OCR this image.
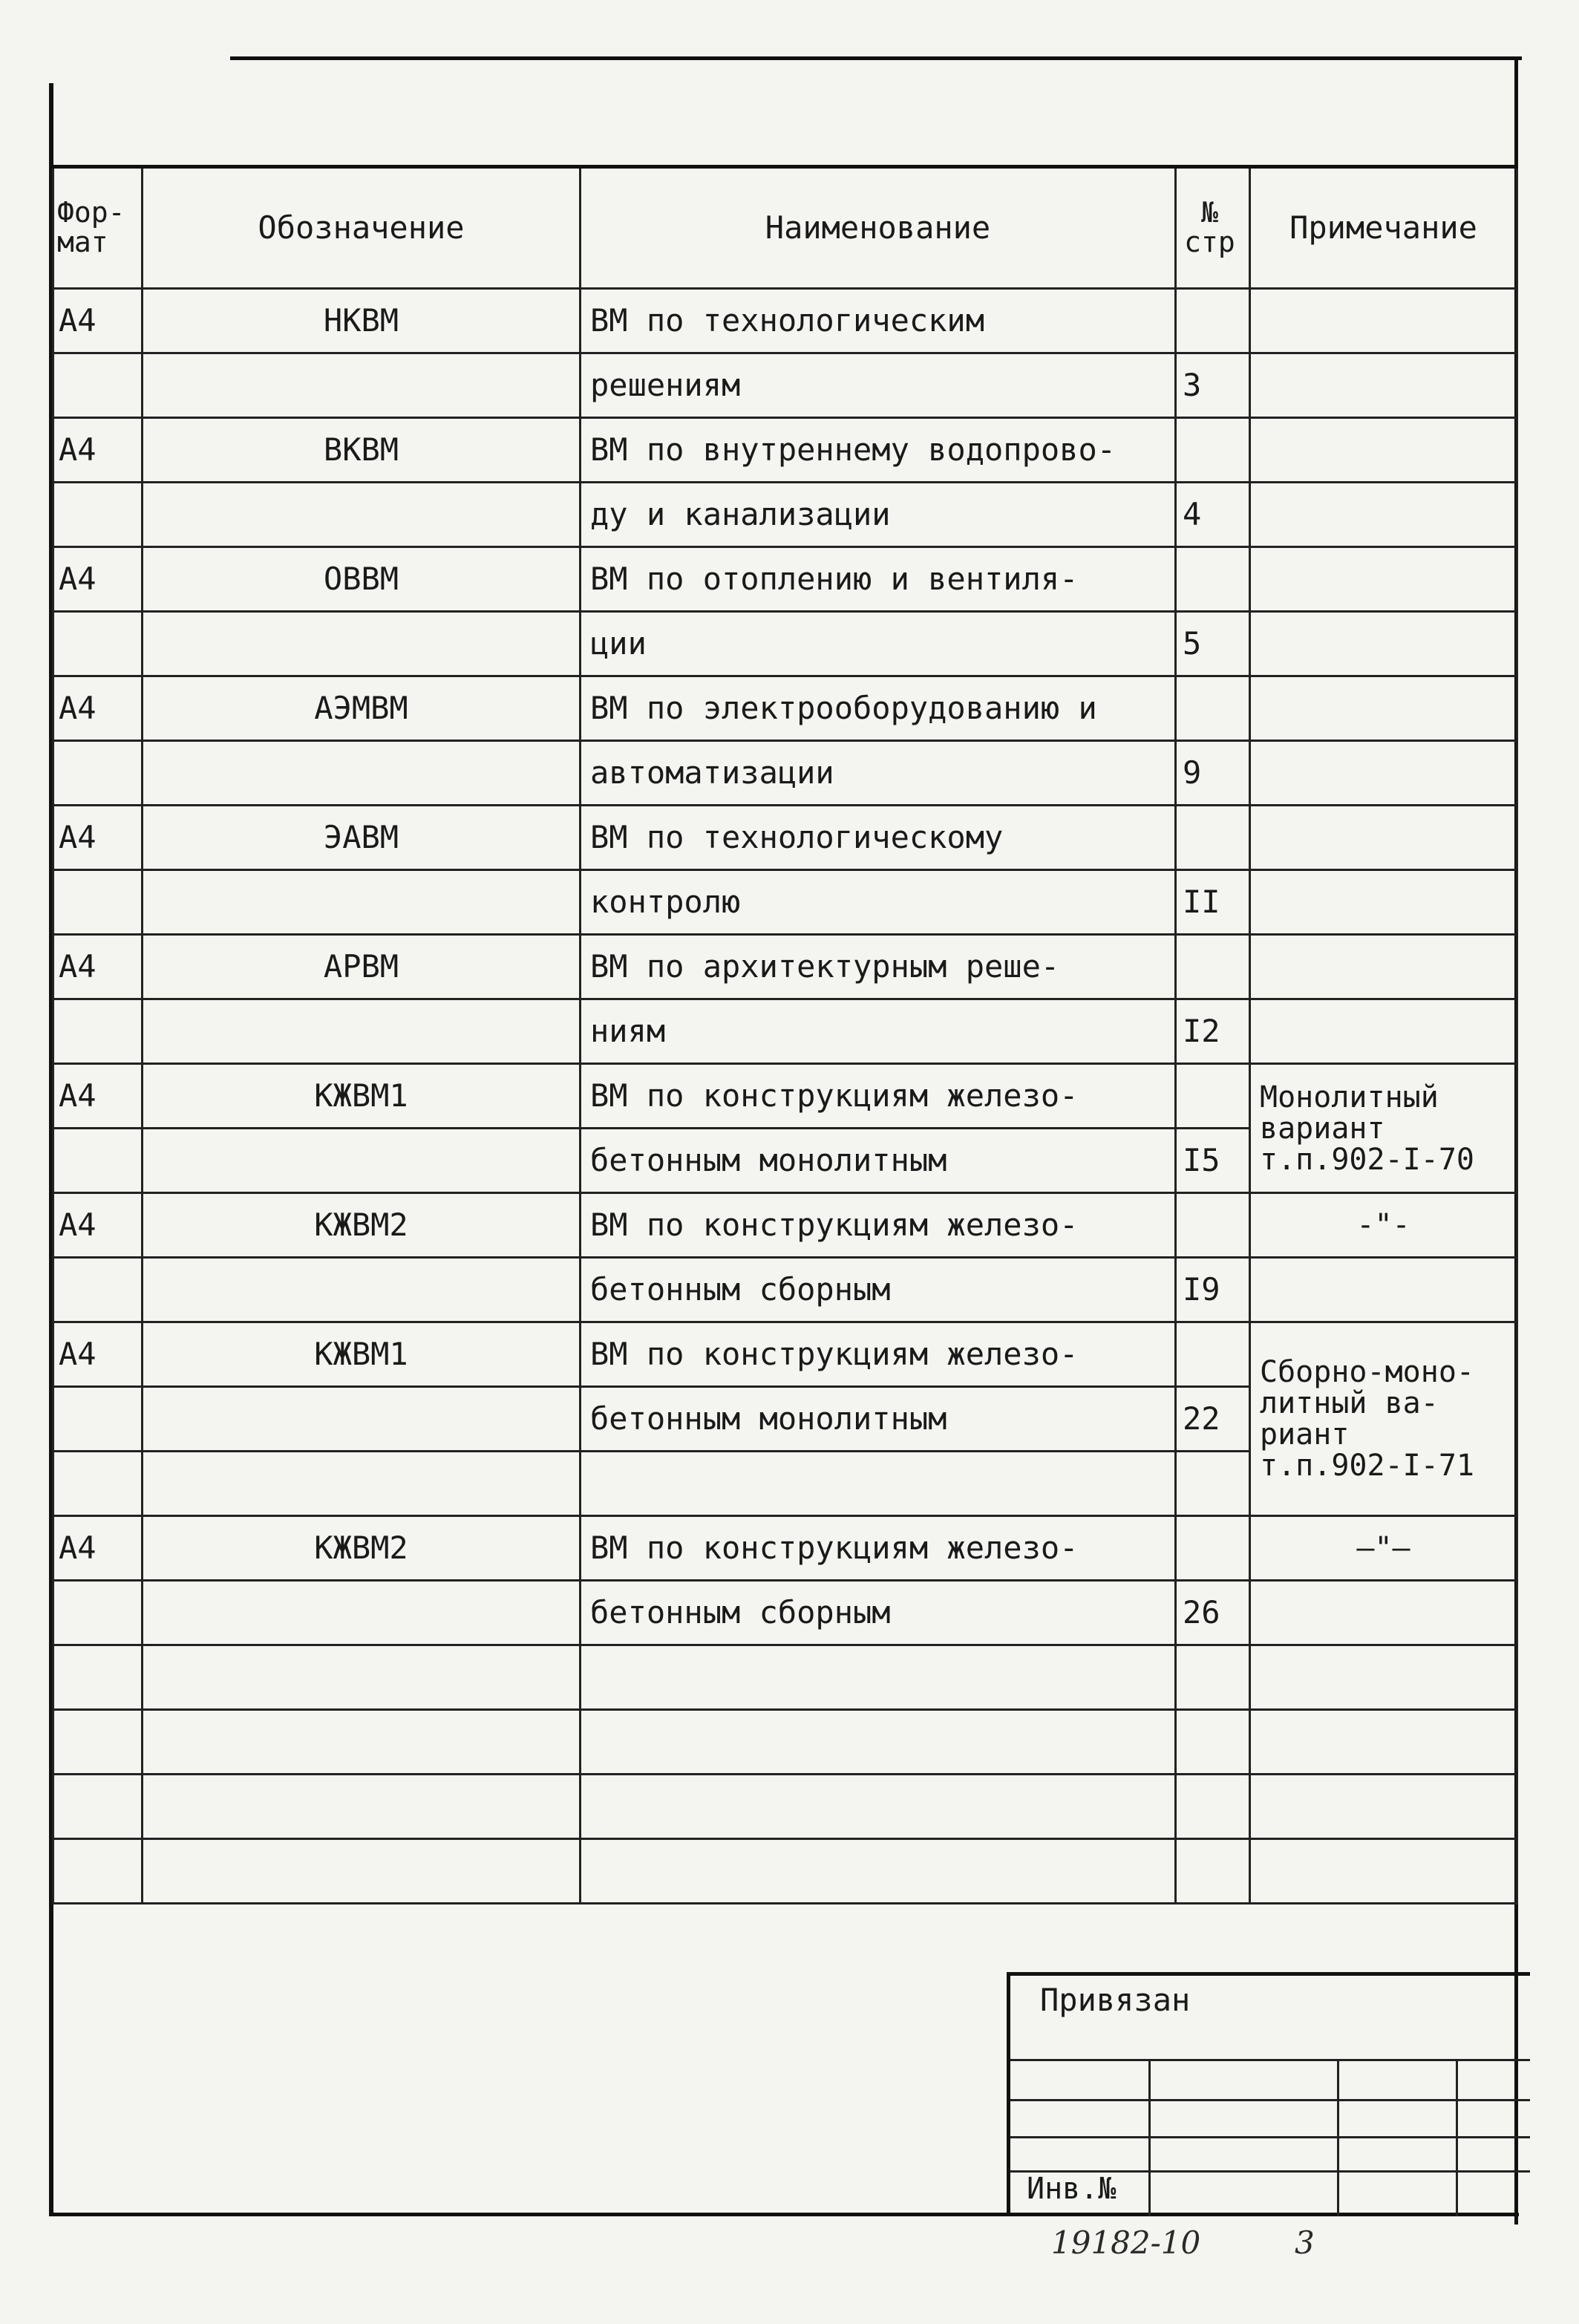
Фор-мат	Обозначение	Наименование	№ стр	Примечание
А4	НКВМ	ВМ по технологическим		
		решениям	3	
А4	ВКВМ	ВМ по внутреннему водопрово-		
		ду и канализации	4	
А4	ОВВМ	ВМ по отоплению и вентиля-		
		ции	5	
А4	АЭМВМ	ВМ по электрооборудованию и		
		автоматизации	9	
А4	ЭАВМ	ВМ по технологическому		
		контролю	II	
А4	АРВМ	ВМ по архитектурным реше-		
		ниям	I2	
А4	КЖВМ1	ВМ по конструкциям железо-		Монолитный вариант т.п.902-I-70
		бетонным монолитным	I5	
А4	КЖВМ2	ВМ по конструкциям железо-		-"-
		бетонным сборным	I9	
А4	КЖВМ1	ВМ по конструкциям железо-		Сборно-моно-литный ва-риант т.п.902-I-71
		бетонным монолитным	22	

А4	КЖВМ2	ВМ по конструкциям железо-		—"—
		бетонным сборным	26	

Привязан
Инв.№
19182-10	3
